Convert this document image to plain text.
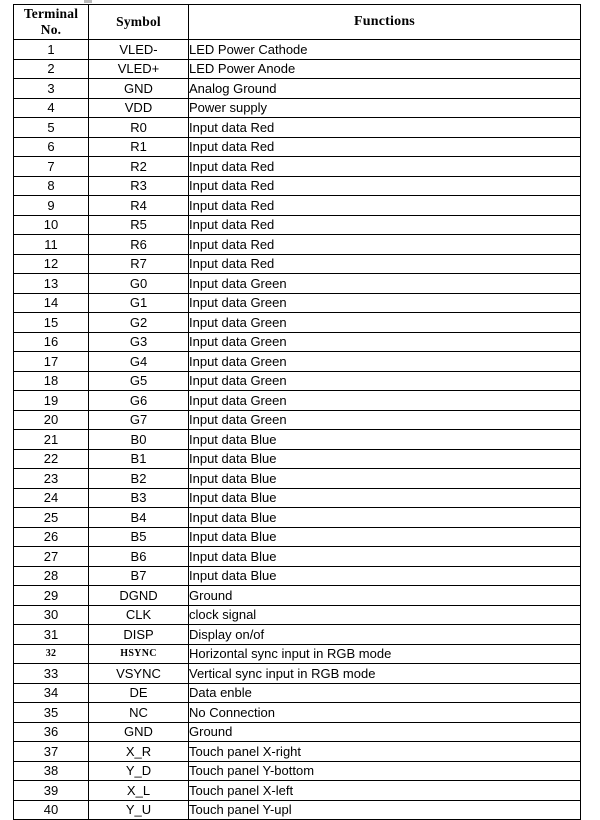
Terminal
No.	Symbol	Functions
1	VLED-	LED Power Cathode
2	VLED+	LED Power Anode
3	GND	Analog Ground
4	VDD	Power supply
5	R0	Input data Red
6	R1	Input data Red
7	R2	Input data Red
8	R3	Input data Red
9	R4	Input data Red
10	R5	Input data Red
11	R6	Input data Red
12	R7	Input data Red
13	G0	Input data Green
14	G1	Input data Green
15	G2	Input data Green
16	G3	Input data Green
17	G4	Input data Green
18	G5	Input data Green
19	G6	Input data Green
20	G7	Input data Green
21	B0	Input data Blue
22	B1	Input data Blue
23	B2	Input data Blue
24	B3	Input data Blue
25	B4	Input data Blue
26	B5	Input data Blue
27	B6	Input data Blue
28	B7	Input data Blue
29	DGND	Ground
30	CLK	clock signal
31	DISP	Display on/of
32	HSYNC	Horizontal sync input in RGB mode
33	VSYNC	Vertical sync input in RGB mode
34	DE	Data enble
35	NC	No Connection
36	GND	Ground
37	X_R	Touch panel X-right
38	Y_D	Touch panel Y-bottom
39	X_L	Touch panel X-left
40	Y_U	Touch panel Y-upl
